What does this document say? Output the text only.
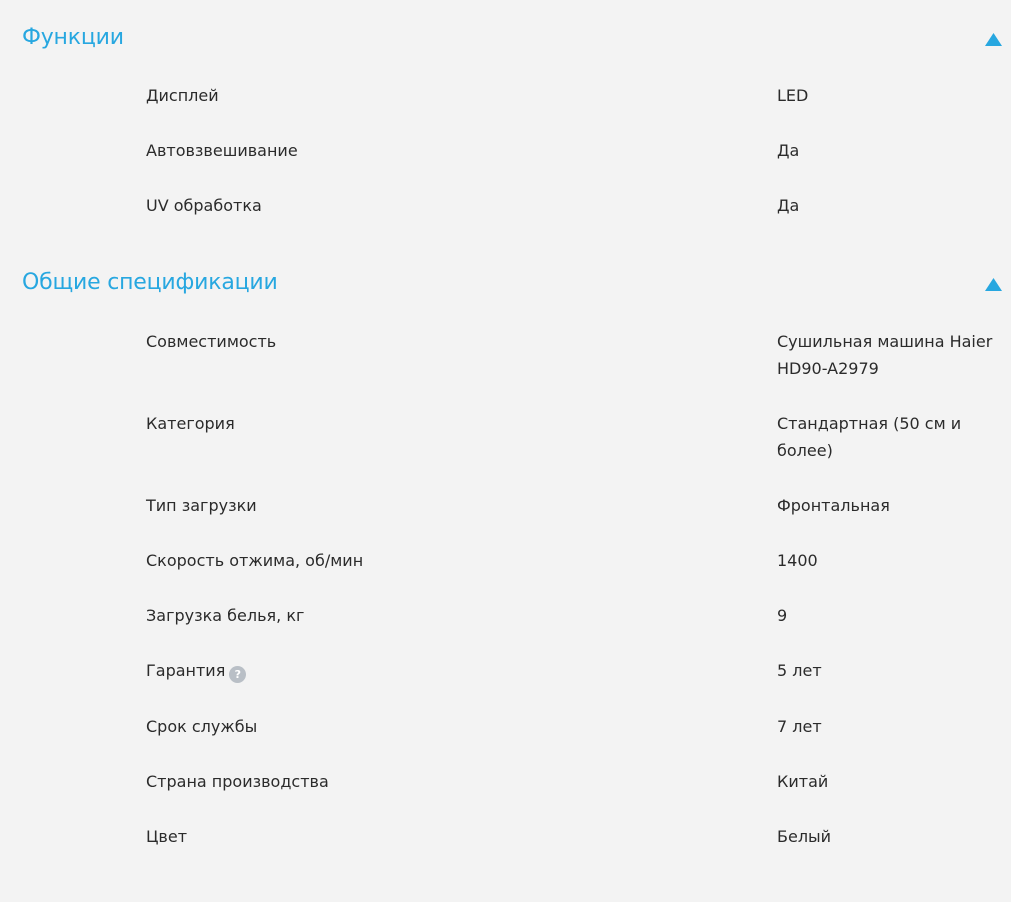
Функции
Дисплей	LED
Автовзвешивание	Да
UV обработка	Да
Общие спецификации
Совместимость	Сушильная машина Haier HD90-A2979
Категория	Стандартная (50 см и более)
Тип загрузки	Фронтальная
Скорость отжима, об/мин	1400
Загрузка белья, кг	9
Гарантия ?	5 лет
Срок службы	7 лет
Страна производства	Китай
Цвет	Белый
